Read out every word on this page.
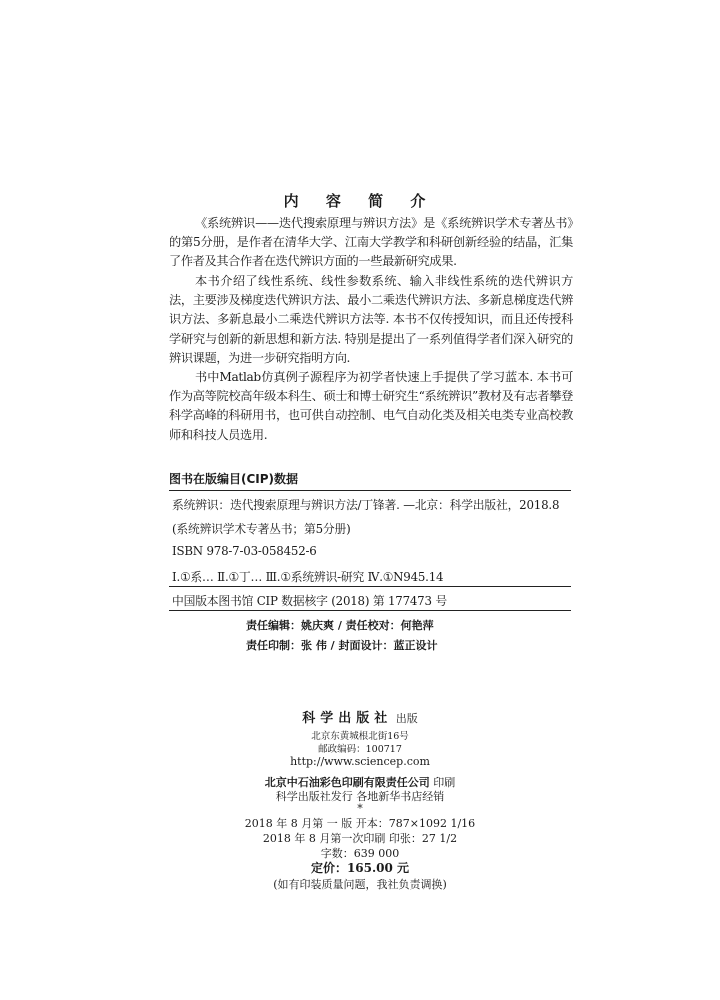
内 容 简 介

《系统辨识——迭代搜索原理与辨识方法》是《系统辨识学术专著丛书》的第5分册，是作者在清华大学、江南大学教学和科研创新经验的结晶，汇集了作者及其合作者在迭代辨识方面的一些最新研究成果.

本书介绍了线性系统、线性参数系统、输入非线性系统的迭代辨识方法，主要涉及梯度迭代辨识方法、最小二乘迭代辨识方法、多新息梯度迭代辨识方法、多新息最小二乘迭代辨识方法等. 本书不仅传授知识，而且还传授科学研究与创新的新思想和新方法. 特别是提出了一系列值得学者们深入研究的辨识课题，为进一步研究指明方向.

书中Matlab仿真例子源程序为初学者快速上手提供了学习蓝本. 本书可作为高等院校高年级本科生、硕士和博士研究生“系统辨识”教材及有志者攀登科学高峰的科研用书，也可供自动控制、电气自动化类及相关电类专业高校教师和科技人员选用.

图书在版编目(CIP)数据
系统辨识：迭代搜索原理与辨识方法/丁锋著. —北京：科学出版社，2018.8
(系统辨识学术专著丛书；第5分册)
ISBN 978-7-03-058452-6
Ⅰ.①系… Ⅱ.①丁… Ⅲ.①系统辨识-研究 Ⅳ.①N945.14
中国版本图书馆 CIP 数据核字 (2018) 第 177473 号
责任编辑：姚庆爽 / 责任校对：何艳萍
责任印制：张 伟 / 封面设计：蓝正设计
科学出版社 出版
北京东黄城根北街16号
邮政编码：100717
http://www.sciencep.com
北京中石油彩色印刷有限责任公司 印刷
科学出版社发行 各地新华书店经销
*
2018 年 8 月第 一 版 开本：787×1092 1/16
2018 年 8 月第一次印刷 印张：27 1/2
字数：639 000
定价：165.00 元
(如有印装质量问题，我社负责调换)
